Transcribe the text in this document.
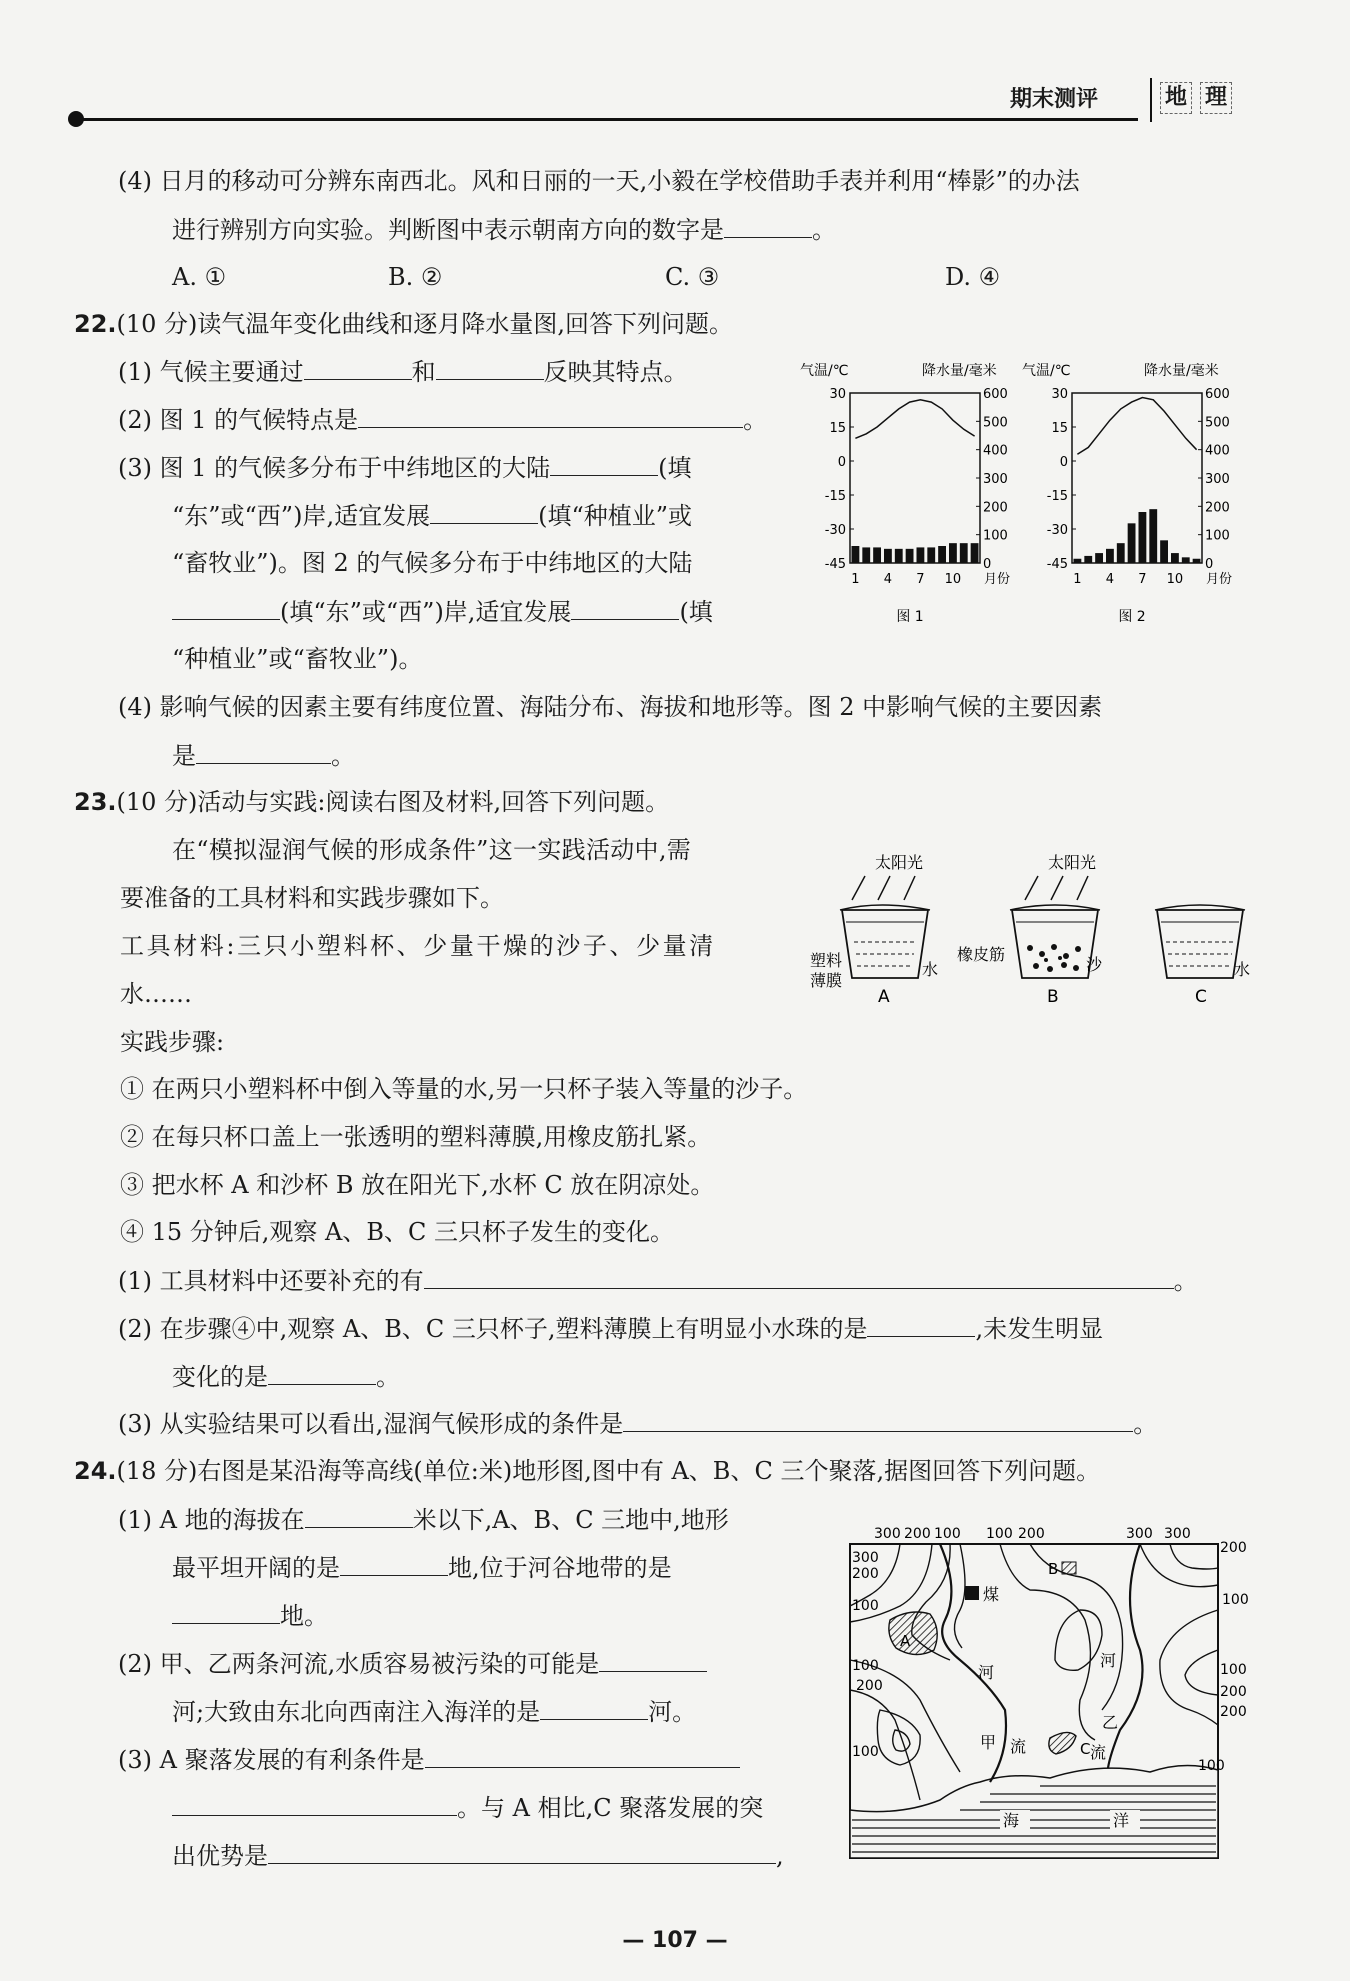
期末测评	地 理
(4) 日月的移动可分辨东南西北。风和日丽的一天,小毅在学校借助手表并利用“棒影”的办法
进行辨别方向实验。判断图中表示朝南方向的数字是	。
A. ①	B. ②	C. ③	D. ④
22.(10 分)读气温年变化曲线和逐月降水量图,回答下列问题。
(1) 气候主要通过	和	反映其特点。
(2) 图 1 的气候特点是	。
(3) 图 1 的气候多分布于中纬地区的大陆	(填
“东”或“西”)岸,适宜发展	(填“种植业”或
“畜牧业”)。图 2 的气候多分布于中纬地区的大陆
(填“东”或“西”)岸,适宜发展	(填
“种植业”或“畜牧业”)。
(4) 影响气候的因素主要有纬度位置、海陆分布、海拔和地形等。图 2 中影响气候的主要因素
是	。
气温/℃	降水量/毫米
30
15
0
-15
-30
-45
600
500
400
300
200
100
0
1 4 7 10 月份
图 1
气温/℃	降水量/毫米
30
15
0
-15
-30
-45
600
500
400
300
200
100
0
1 4 7 10 月份
图 2
23.(10 分)活动与实践:阅读右图及材料,回答下列问题。
在“模拟湿润气候的形成条件”这一实践活动中,需
要准备的工具材料和实践步骤如下。
工具材料:三只小塑料杯、少量干燥的沙子、少量清
水……
实践步骤:
① 在两只小塑料杯中倒入等量的水,另一只杯子装入等量的沙子。
② 在每只杯口盖上一张透明的塑料薄膜,用橡皮筋扎紧。
③ 把水杯 A 和沙杯 B 放在阳光下,水杯 C 放在阴凉处。
④ 15 分钟后,观察 A、B、C 三只杯子发生的变化。
(1) 工具材料中还要补充的有	。
(2) 在步骤④中,观察 A、B、C 三只杯子,塑料薄膜上有明显小水珠的是	,未发生明显
变化的是	。
(3) 从实验结果可以看出,湿润气候形成的条件是	。
太阳光
塑料
薄膜
水
A
太阳光
橡皮筋
沙
B
水
C
24.(18 分)右图是某沿海等高线(单位:米)地形图,图中有 A、B、C 三个聚落,据图回答下列问题。
(1) A 地的海拔在	米以下,A、B、C 三地中,地形
最平坦开阔的是	地,位于河谷地带的是
地。
(2) 甲、乙两条河流,水质容易被污染的可能是
河;大致由东北向西南注入海洋的是	河。
(3) A 聚落发展的有利条件是
。与 A 相比,C 聚落发展的突
出优势是	,
海	洋
A
B
C
煤
河
甲 流
河
乙
流
300 200 100 100 200	300 300
200
100
100
200
200
300
200
100
100
200
100
100
— 107 —
